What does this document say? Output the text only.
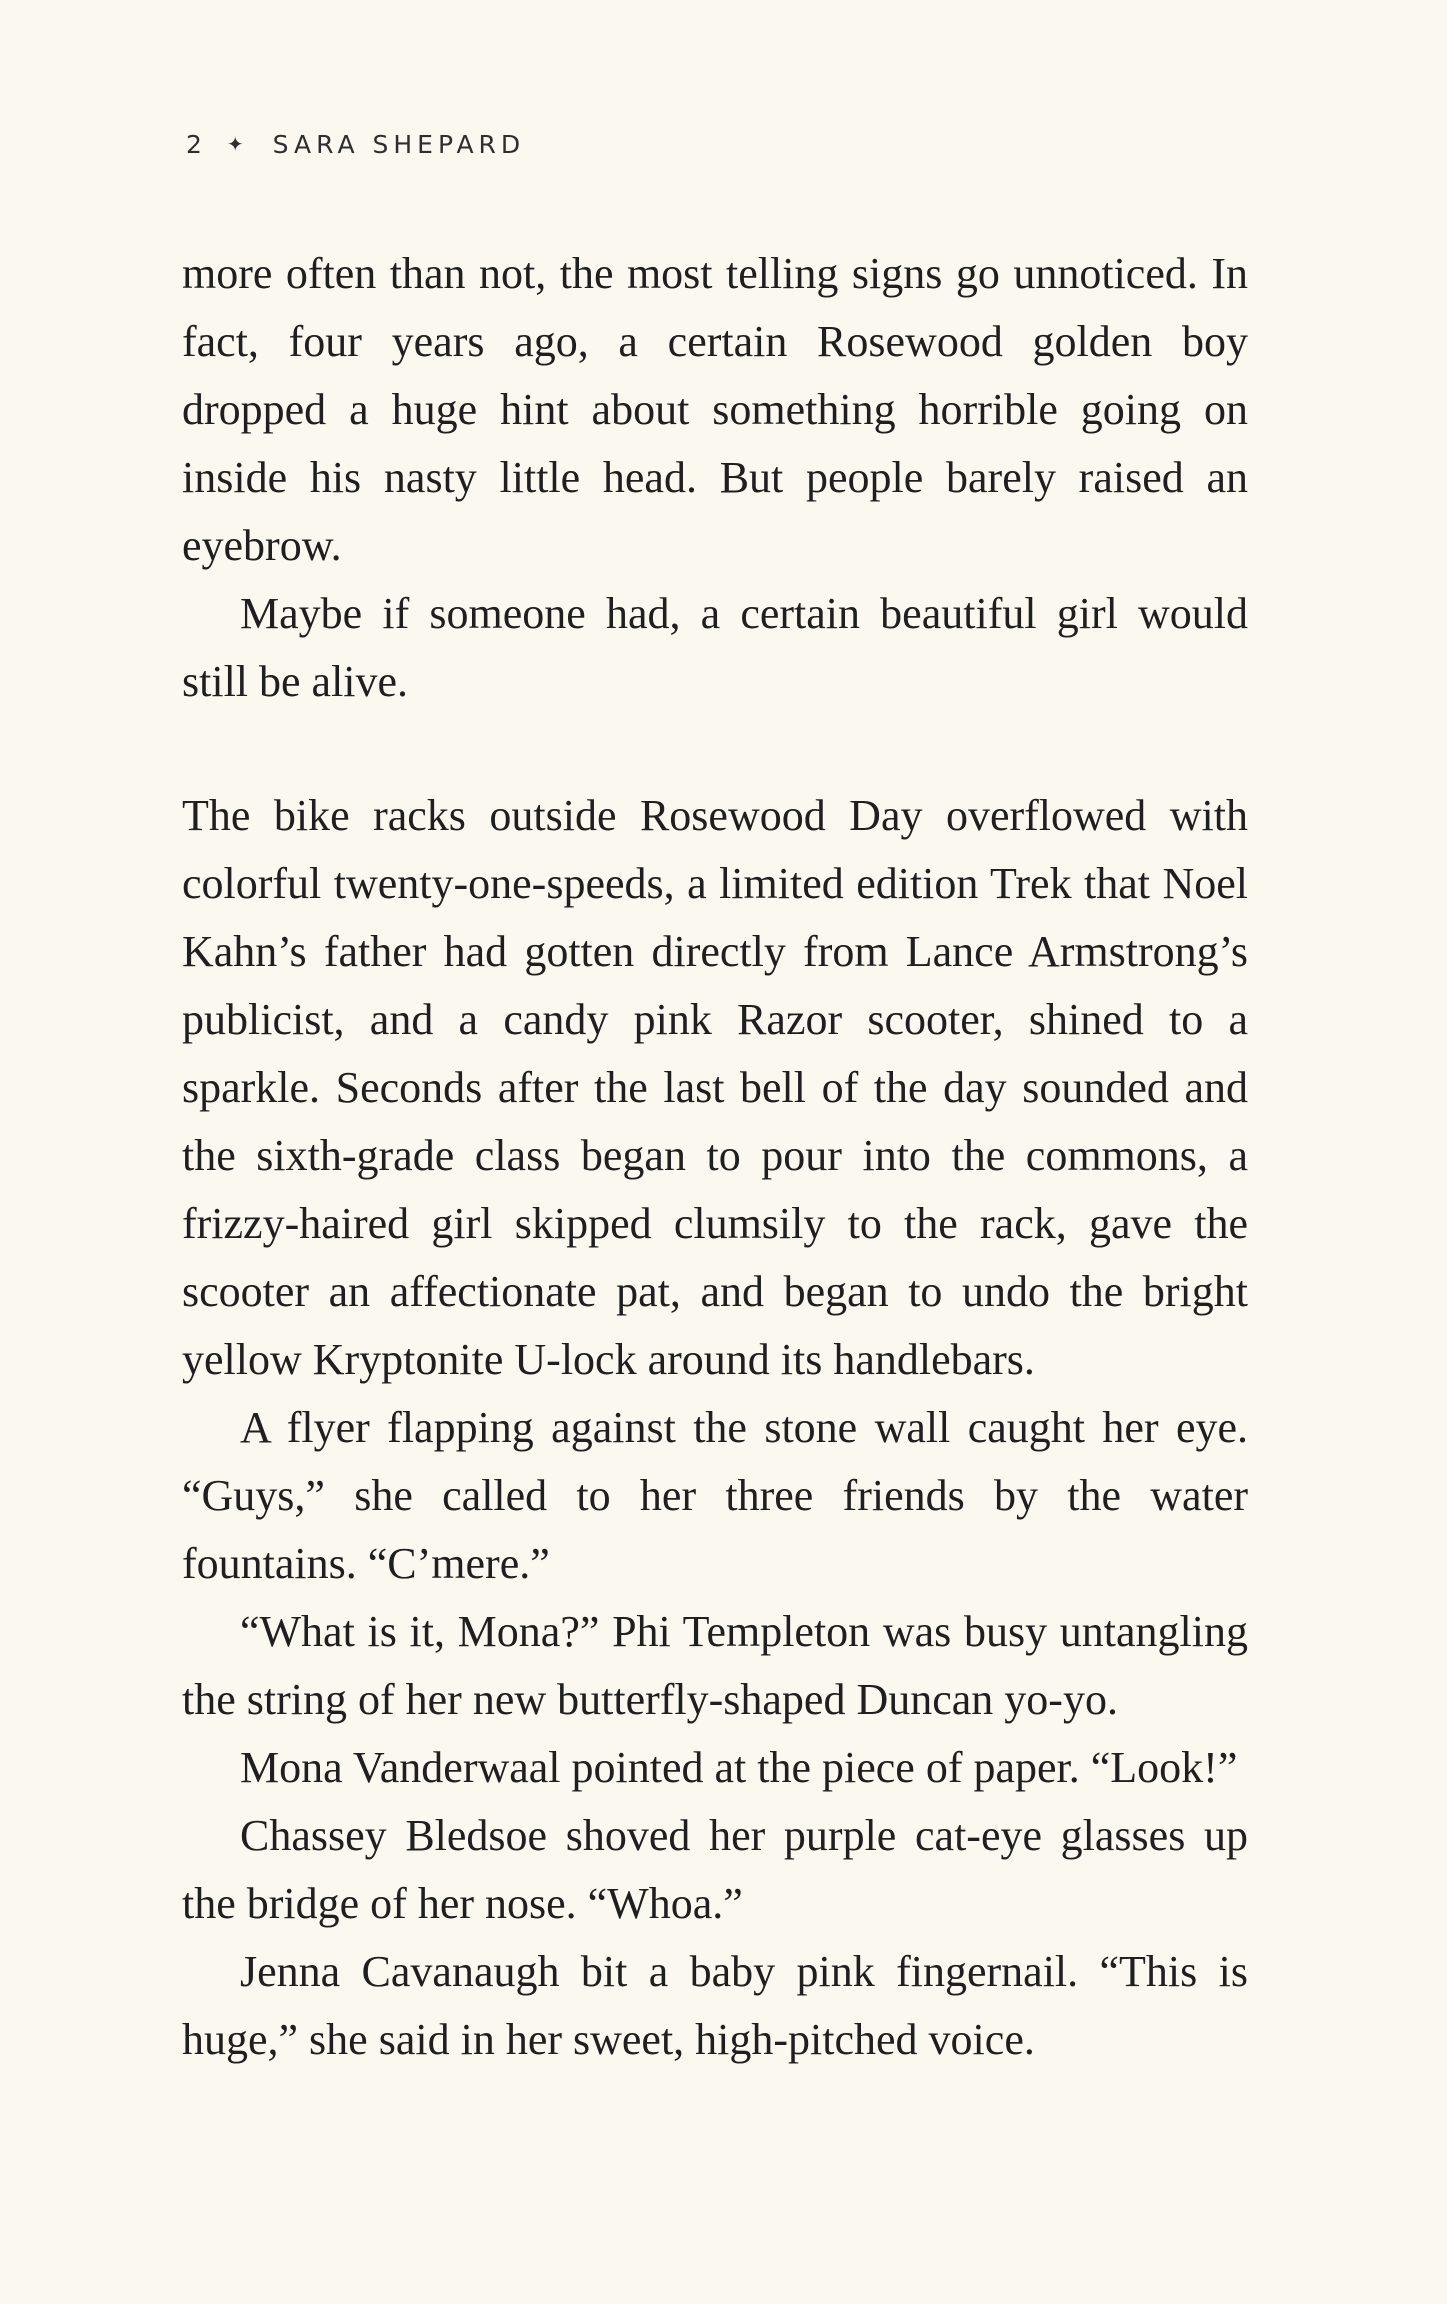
2 ✦ SARA SHEPARD

more often than not, the most telling signs go unnoticed. In fact, four years ago, a certain Rosewood golden boy dropped a huge hint about something horrible going on inside his nasty little head. But people barely raised an eyebrow.

Maybe if someone had, a certain beautiful girl would still be alive.

The bike racks outside Rosewood Day overflowed with colorful twenty-one-speeds, a limited edition Trek that Noel Kahn’s father had gotten directly from Lance Armstrong’s publicist, and a candy pink Razor scooter, shined to a sparkle. Seconds after the last bell of the day sounded and the sixth-grade class began to pour into the commons, a frizzy-haired girl skipped clumsily to the rack, gave the scooter an affectionate pat, and began to undo the bright yellow Kryptonite U-lock around its handlebars.

A flyer flapping against the stone wall caught her eye. “Guys,” she called to her three friends by the water fountains. “C’mere.”

“What is it, Mona?” Phi Templeton was busy untangling the string of her new butterfly-shaped Duncan yo-yo.

Mona Vanderwaal pointed at the piece of paper. “Look!”

Chassey Bledsoe shoved her purple cat-eye glasses up the bridge of her nose. “Whoa.”

Jenna Cavanaugh bit a baby pink fingernail. “This is huge,” she said in her sweet, high-pitched voice.
